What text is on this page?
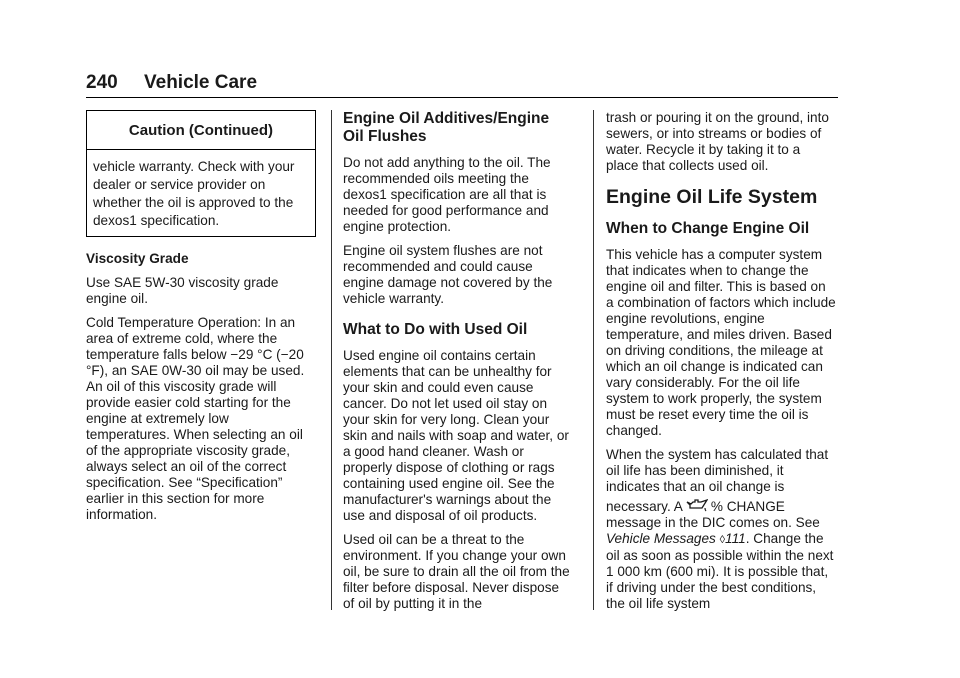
240 Vehicle Care
Caution (Continued)
vehicle warranty. Check with your dealer or service provider on whether the oil is approved to the dexos1 specification.
Viscosity Grade

Use SAE 5W-30 viscosity grade engine oil.

Cold Temperature Operation: In an area of extreme cold, where the temperature falls below −29 °C (−20 °F), an SAE 0W-30 oil may be used. An oil of this viscosity grade will provide easier cold starting for the engine at extremely low temperatures. When selecting an oil of the appropriate viscosity grade, always select an oil of the correct specification. See “Specification” earlier in this section for more information.

Engine Oil Additives/Engine Oil Flushes

Do not add anything to the oil. The recommended oils meeting the dexos1 specification are all that is needed for good performance and engine protection.

Engine oil system flushes are not recommended and could cause engine damage not covered by the vehicle warranty.

What to Do with Used Oil

Used engine oil contains certain elements that can be unhealthy for your skin and could even cause cancer. Do not let used oil stay on your skin for very long. Clean your skin and nails with soap and water, or a good hand cleaner. Wash or properly dispose of clothing or rags containing used engine oil. See the manufacturer's warnings about the use and disposal of oil products.

Used oil can be a threat to the environment. If you change your own oil, be sure to drain all the oil from the filter before disposal. Never dispose of oil by putting it in the

trash or pouring it on the ground, into sewers, or into streams or bodies of water. Recycle it by taking it to a place that collects used oil.

Engine Oil Life System
When to Change Engine Oil

This vehicle has a computer system that indicates when to change the engine oil and filter. This is based on a combination of factors which include engine revolutions, engine temperature, and miles driven. Based on driving conditions, the mileage at which an oil change is indicated can vary considerably. For the oil life system to work properly, the system must be reset every time the oil is changed.

When the system has calculated that oil life has been diminished, it indicates that an oil change is

necessary. A % CHANGE message in the DIC comes on. See Vehicle Messages ◊111. Change the oil as soon as possible within the next 1 000 km (600 mi). It is possible that, if driving under the best conditions, the oil life system
